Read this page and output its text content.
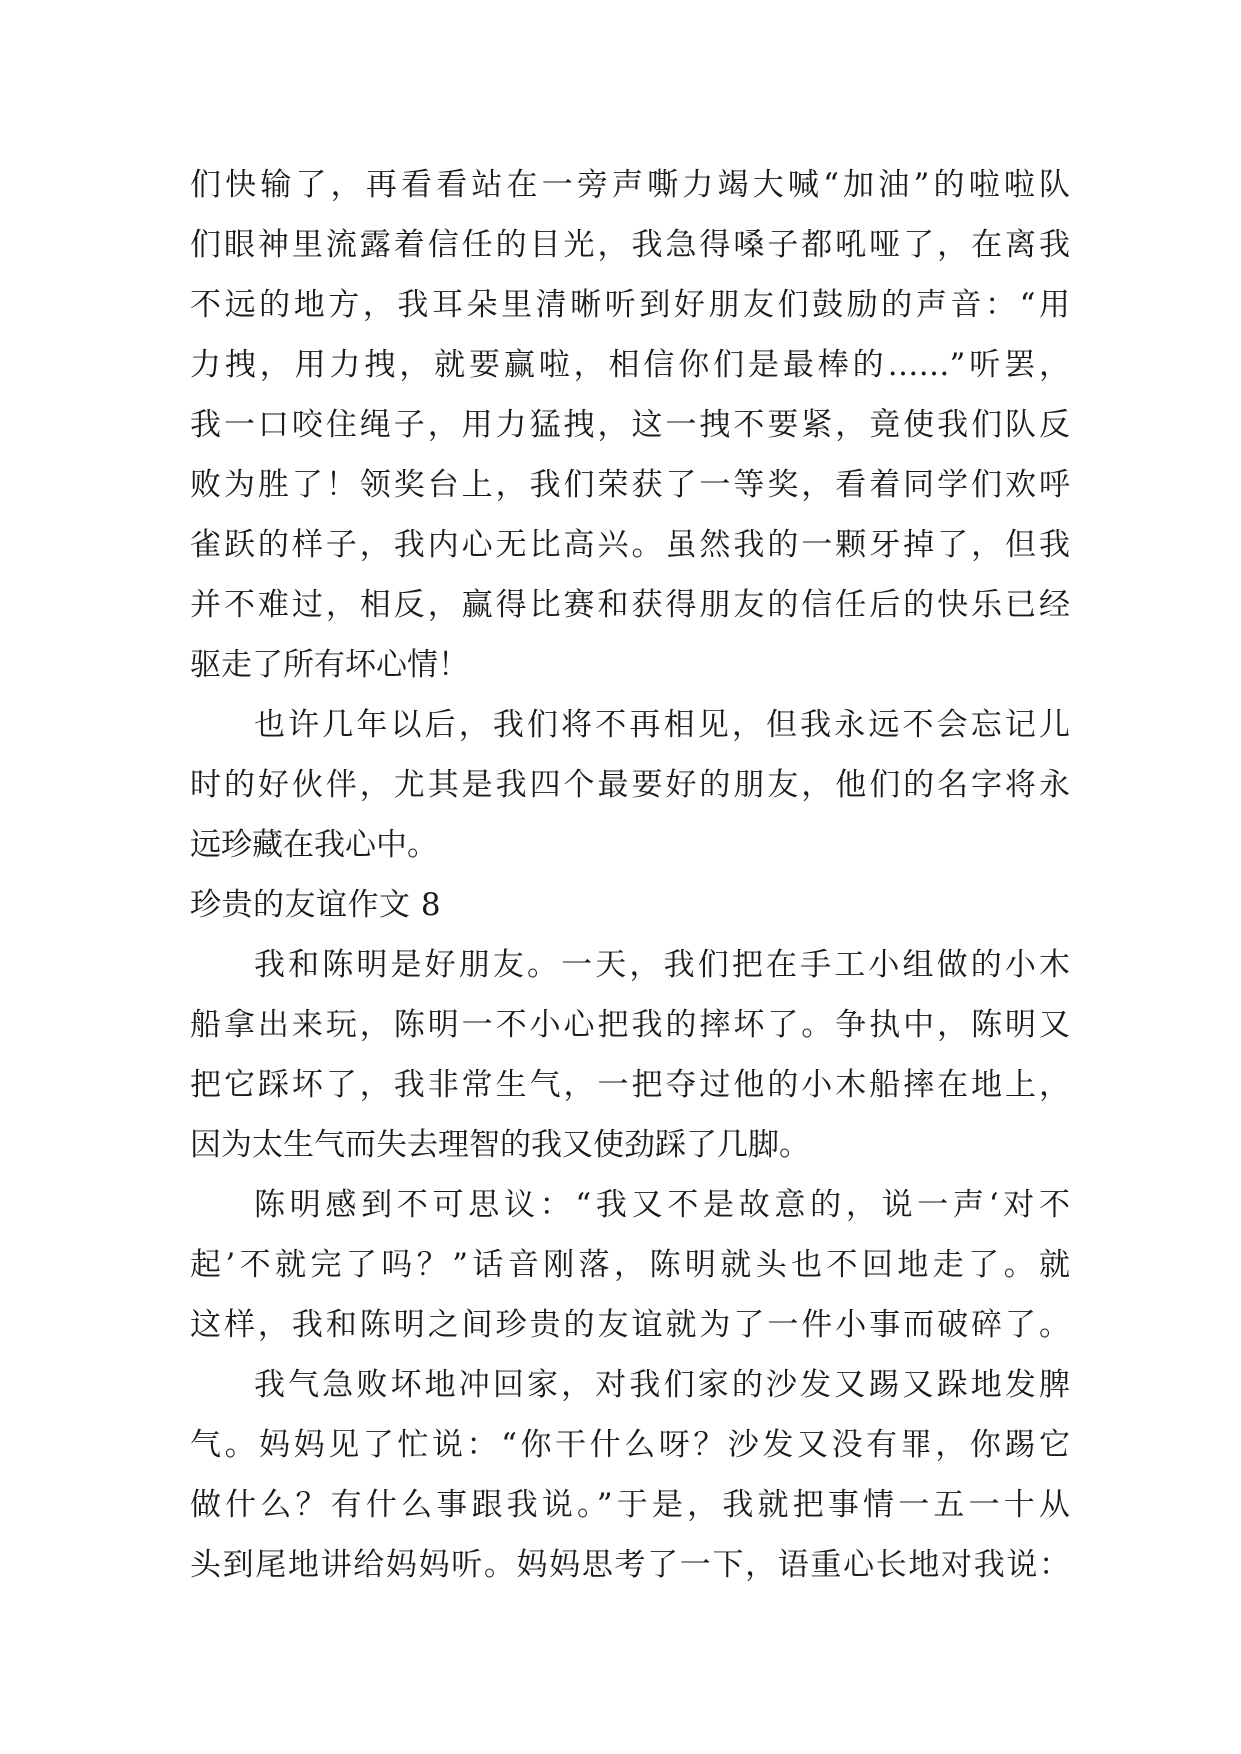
们快输了，再看看站在一旁声嘶力竭大喊“加油”的啦啦队
们眼神里流露着信任的目光，我急得嗓子都吼哑了，在离我
不远的地方，我耳朵里清晰听到好朋友们鼓励的声音：“用
力拽，用力拽，就要赢啦，相信你们是最棒的……”听罢，
我一口咬住绳子，用力猛拽，这一拽不要紧，竟使我们队反
败为胜了！领奖台上，我们荣获了一等奖，看着同学们欢呼
雀跃的样子，我内心无比高兴。虽然我的一颗牙掉了，但我
并不难过，相反，赢得比赛和获得朋友的信任后的快乐已经
驱走了所有坏心情！
也许几年以后，我们将不再相见，但我永远不会忘记儿
时的好伙伴，尤其是我四个最要好的朋友，他们的名字将永
远珍藏在我心中。
珍贵的友谊作文 8
我和陈明是好朋友。一天，我们把在手工小组做的小木
船拿出来玩，陈明一不小心把我的摔坏了。争执中，陈明又
把它踩坏了，我非常生气，一把夺过他的小木船摔在地上，
因为太生气而失去理智的我又使劲踩了几脚。
陈明感到不可思议：“我又不是故意的，说一声‘对不
起’不就完了吗？”话音刚落，陈明就头也不回地走了。就
这样，我和陈明之间珍贵的友谊就为了一件小事而破碎了。
我气急败坏地冲回家，对我们家的沙发又踢又跺地发脾
气。妈妈见了忙说：“你干什么呀？沙发又没有罪，你踢它
做什么？有什么事跟我说。”于是，我就把事情一五一十从
头到尾地讲给妈妈听。妈妈思考了一下，语重心长地对我说：
